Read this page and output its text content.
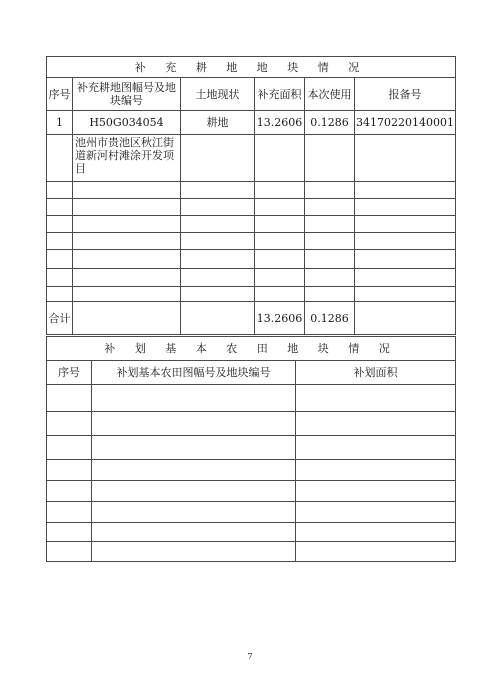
补 充 耕 地 地 块 情 况					
序号	补充耕地图幅号及地块编号	土地现状	补充面积	本次使用	报备号
1	H50G034054	耕地	13.2606	0.1286	34170220140001
	池州市贵池区秋江街道新河村滩涂开发项目				

合计			13.2606	0.1286	
补 划 基 本 农 田 地 块 情 况		
序号	补划基本农田图幅号及地块编号	补划面积

7
